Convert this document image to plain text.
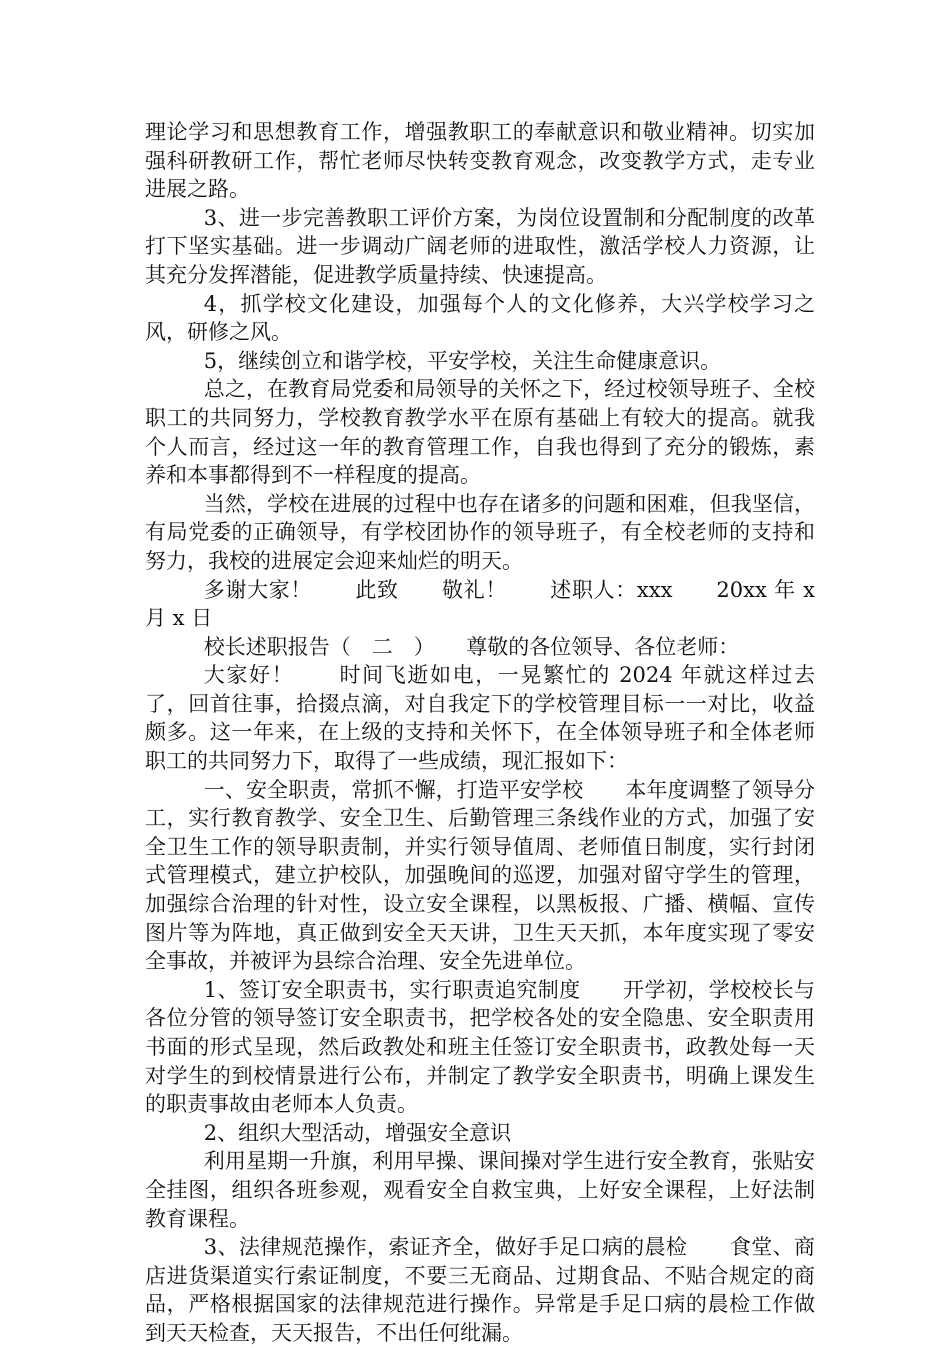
理论学习和思想教育工作，增强教职工的奉献意识和敬业精神。切实加强科研教研工作，帮忙老师尽快转变教育观念，改变教学方式，走专业进展之路。

3、进一步完善教职工评价方案，为岗位设置制和分配制度的改革打下坚实基础。进一步调动广阔老师的进取性，激活学校人力资源，让其充分发挥潜能，促进教学质量持续、快速提高。

4，抓学校文化建设，加强每个人的文化修养，大兴学校学习之风，研修之风。

5，继续创立和谐学校，平安学校，关注生命健康意识。

总之，在教育局党委和局领导的关怀之下，经过校领导班子、全校职工的共同努力，学校教育教学水平在原有基础上有较大的提高。就我个人而言，经过这一年的教育管理工作，自我也得到了充分的锻炼，素养和本事都得到不一样程度的提高。

当然，学校在进展的过程中也存在诸多的问题和困难，但我坚信，有局党委的正确领导，有学校团协作的领导班子，有全校老师的支持和努力，我校的进展定会迎来灿烂的明天。

多谢大家！　　此致　　敬礼！　　述职人：xxx　　20xx 年 x 月 x 日

校长述职报告（　二　）　　尊敬的各位领导、各位老师：

大家好！　　时间飞逝如电，一晃繁忙的 2024 年就这样过去了，回首往事，拾掇点滴，对自我定下的学校管理目标一一对比，收益颇多。这一年来，在上级的支持和关怀下，在全体领导班子和全体老师职工的共同努力下，取得了一些成绩，现汇报如下：

一、安全职责，常抓不懈，打造平安学校　　本年度调整了领导分工，实行教育教学、安全卫生、后勤管理三条线作业的方式，加强了安全卫生工作的领导职责制，并实行领导值周、老师值日制度，实行封闭式管理模式，建立护校队，加强晚间的巡逻，加强对留守学生的管理，加强综合治理的针对性，设立安全课程，以黑板报、广播、横幅、宣传图片等为阵地，真正做到安全天天讲，卫生天天抓，本年度实现了零安全事故，并被评为县综合治理、安全先进单位。

1、签订安全职责书，实行职责追究制度　　开学初，学校校长与各位分管的领导签订安全职责书，把学校各处的安全隐患、安全职责用书面的形式呈现，然后政教处和班主任签订安全职责书，政教处每一天对学生的到校情景进行公布，并制定了教学安全职责书，明确上课发生的职责事故由老师本人负责。

2、组织大型活动，增强安全意识

利用星期一升旗，利用早操、课间操对学生进行安全教育，张贴安全挂图，组织各班参观，观看安全自救宝典，上好安全课程，上好法制教育课程。

3、法律规范操作，索证齐全，做好手足口病的晨检　　食堂、商店进货渠道实行索证制度，不要三无商品、过期食品、不贴合规定的商品，严格根据国家的法律规范进行操作。异常是手足口病的晨检工作做到天天检查，天天报告，不出任何纰漏。
